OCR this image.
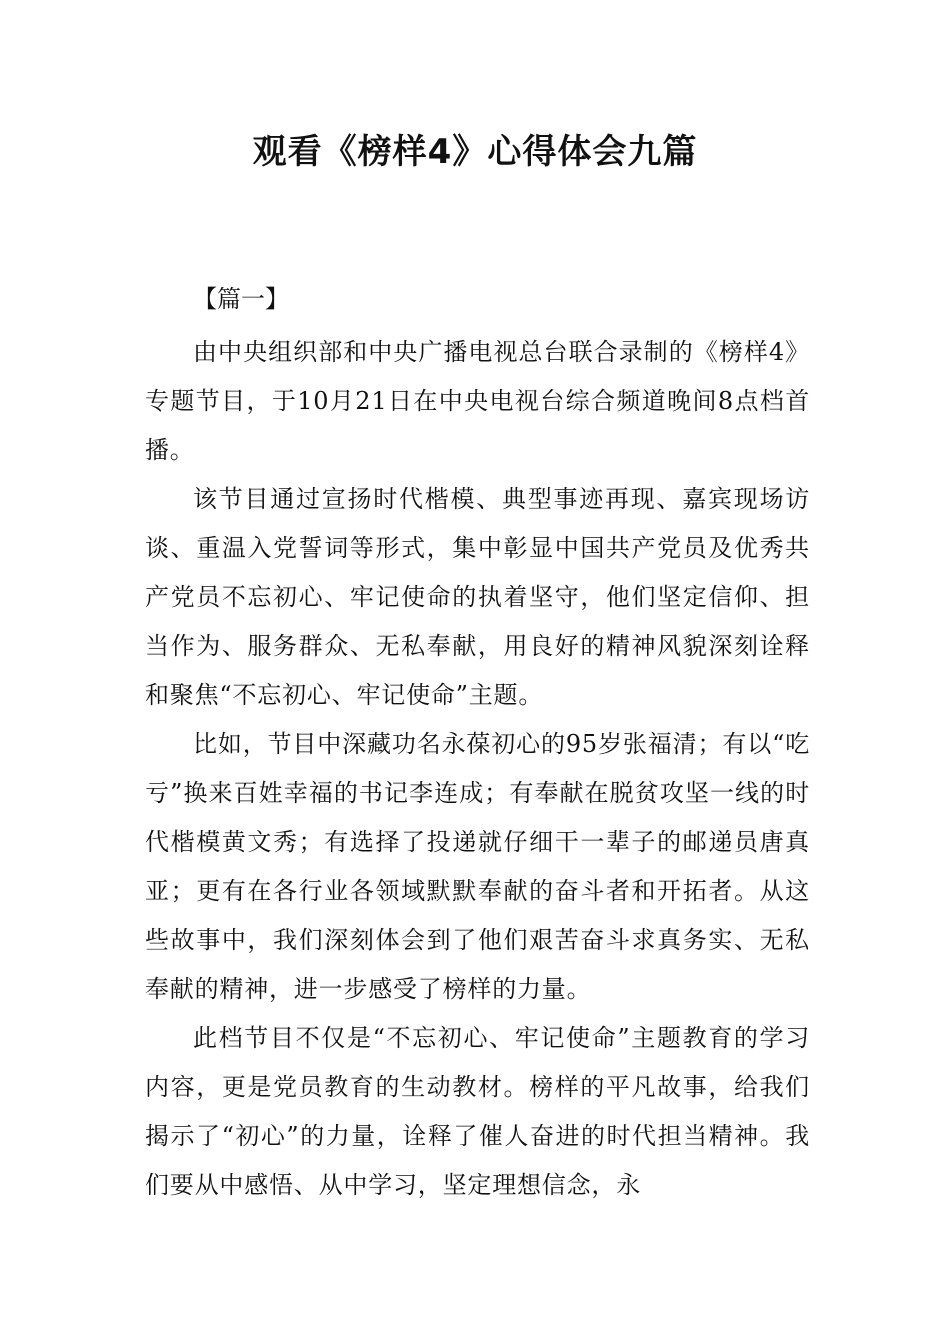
观看《榜样4》心得体会九篇
【篇一】

由中央组织部和中央广播电视总台联合录制的《榜样4》专题节目，于10月21日在中央电视台综合频道晚间8点档首播。

该节目通过宣扬时代楷模、典型事迹再现、嘉宾现场访谈、重温入党誓词等形式，集中彰显中国共产党员及优秀共产党员不忘初心、牢记使命的执着坚守，他们坚定信仰、担当作为、服务群众、无私奉献，用良好的精神风貌深刻诠释和聚焦“不忘初心、牢记使命”主题。

比如，节目中深藏功名永葆初心的95岁张福清；有以“吃亏”换来百姓幸福的书记李连成；有奉献在脱贫攻坚一线的时代楷模黄文秀；有选择了投递就仔细干一辈子的邮递员唐真亚；更有在各行业各领域默默奉献的奋斗者和开拓者。从这些故事中，我们深刻体会到了他们艰苦奋斗求真务实、无私奉献的精神，进一步感受了榜样的力量。

此档节目不仅是“不忘初心、牢记使命”主题教育的学习内容，更是党员教育的生动教材。榜样的平凡故事，给我们揭示了“初心”的力量，诠释了催人奋进的时代担当精神。我们要从中感悟、从中学习，坚定理想信念，永
